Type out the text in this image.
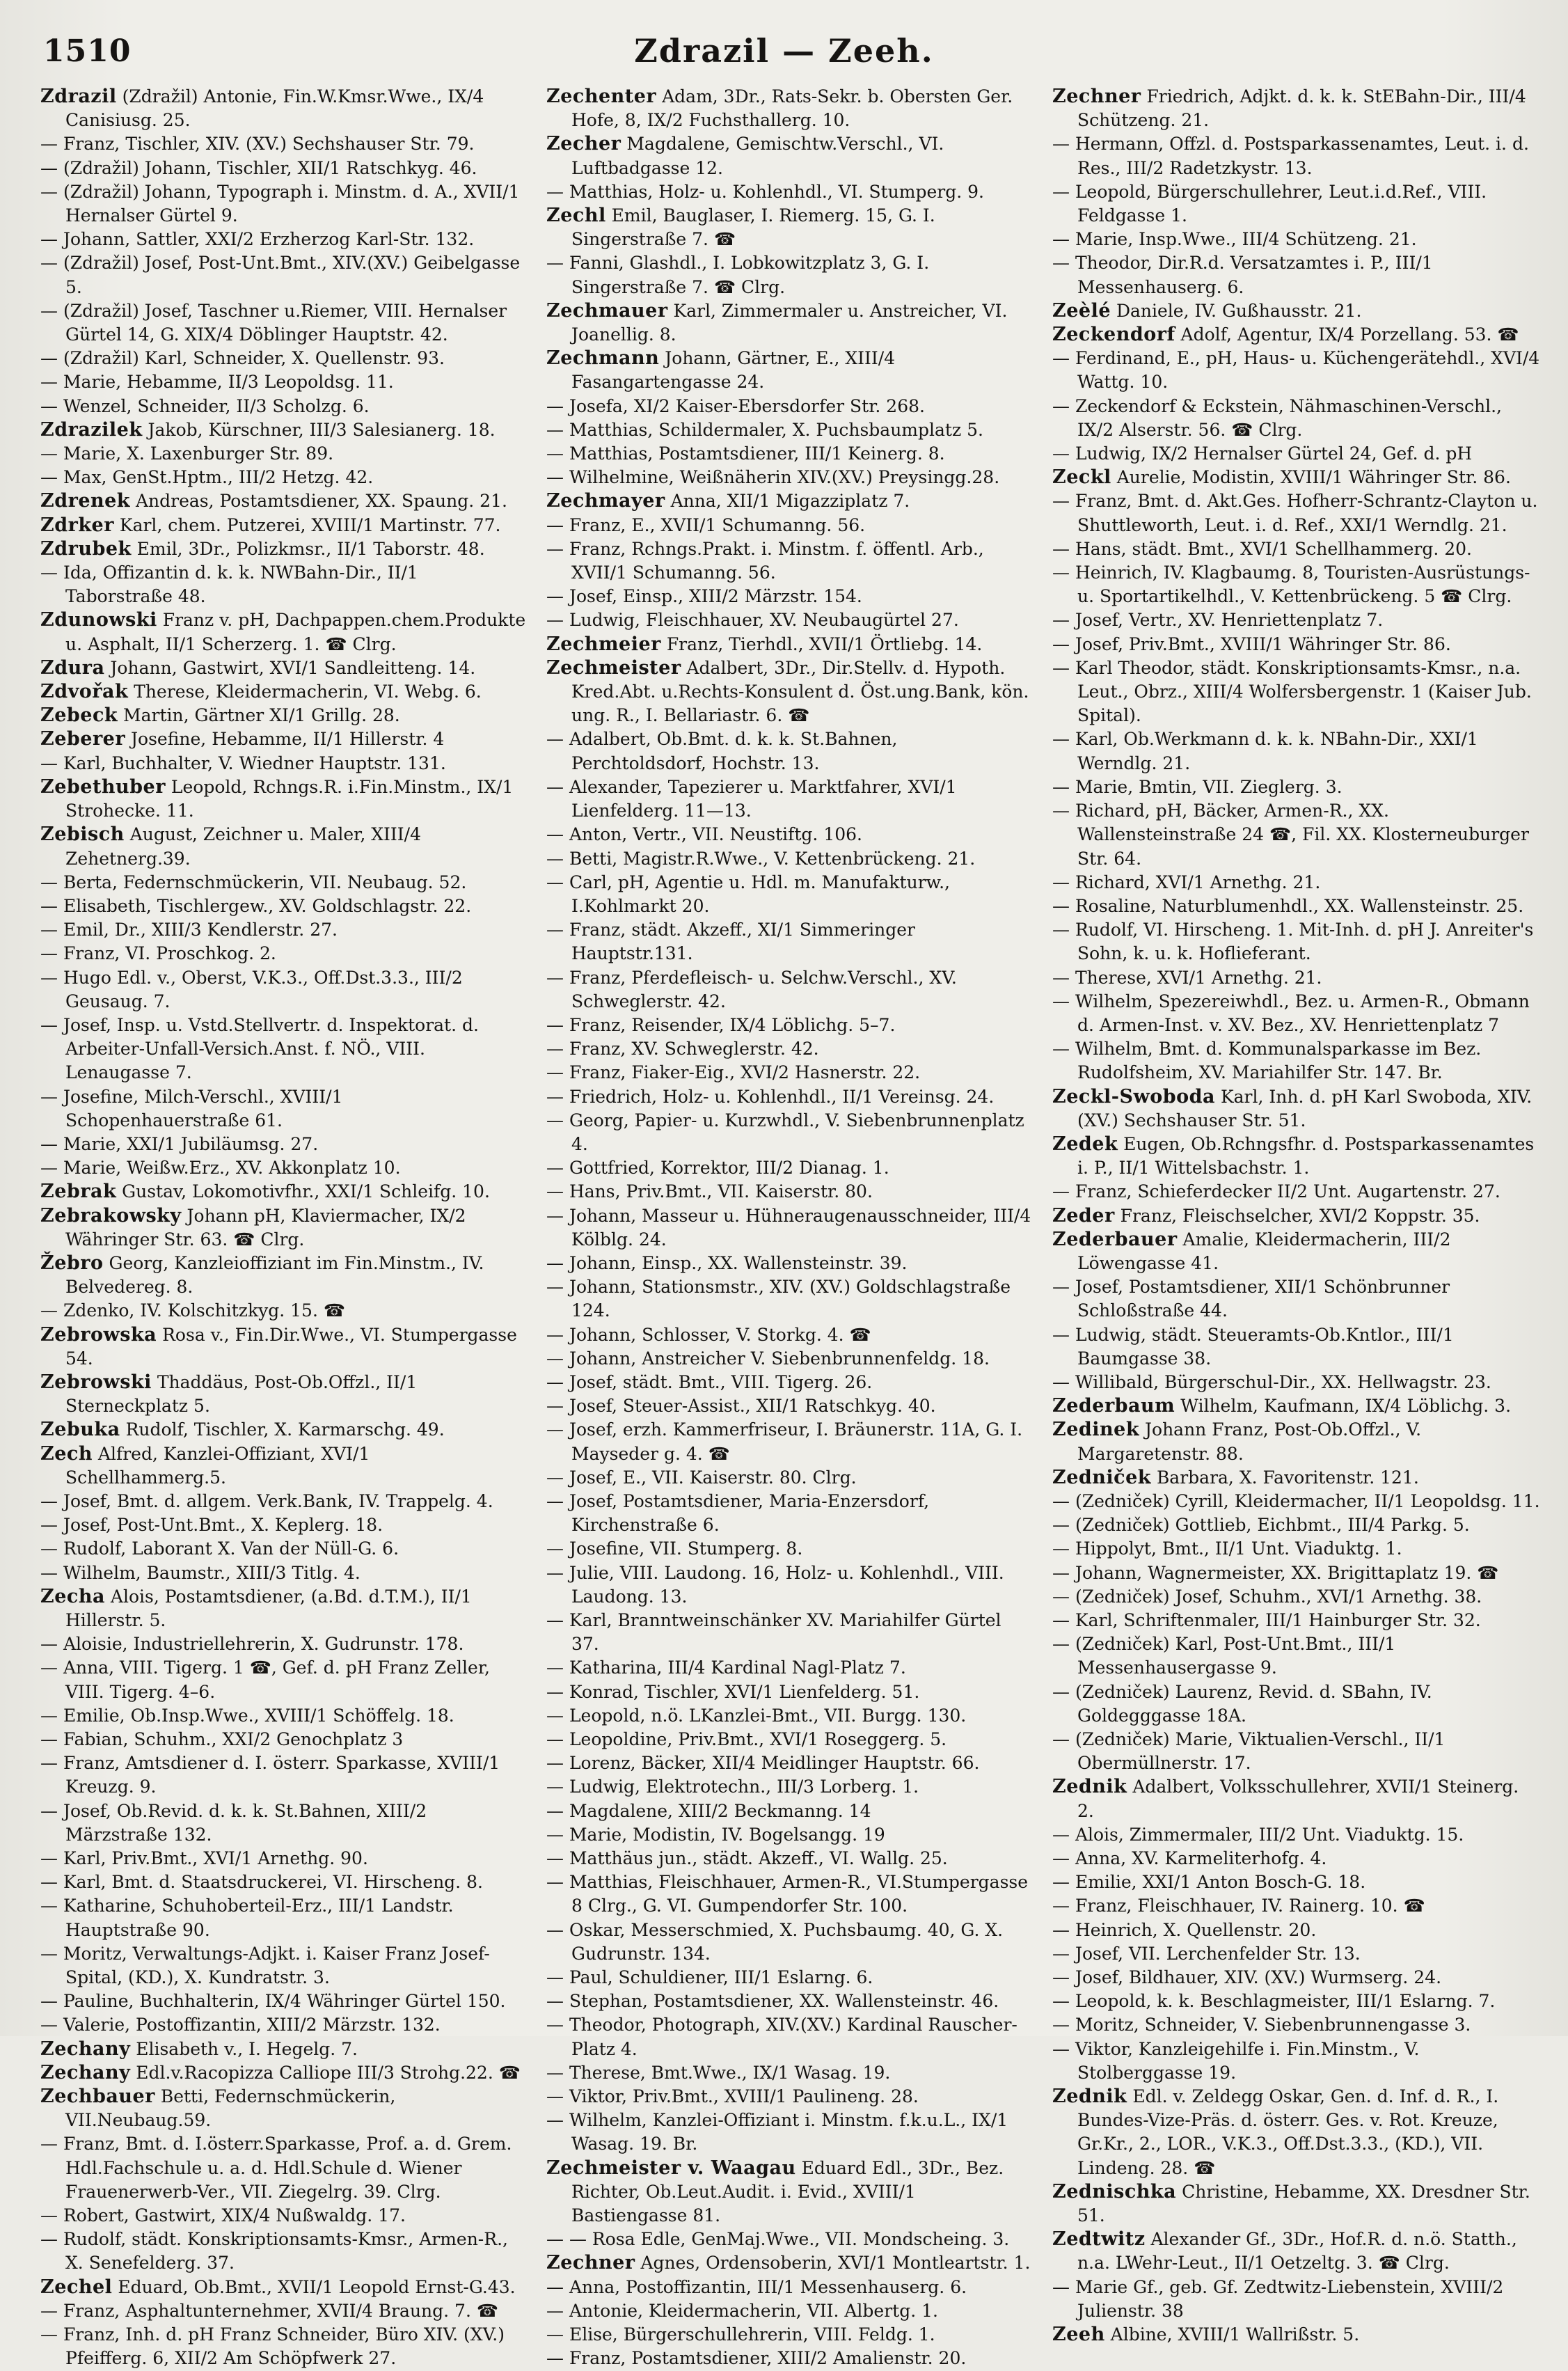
1510	Zdrazil — Zeeh.

Zdrazil (Zdražil) Antonie, Fin.W.Kmsr.Wwe., IX/4 Canisiusg. 25.

— Franz, Tischler, XIV. (XV.) Sechshauser Str. 79.

— (Zdražil) Johann, Tischler, XII/1 Ratschkyg. 46.

— (Zdražil) Johann, Typograph i. Minstm. d. A., XVII/1 Hernalser Gürtel 9.

— Johann, Sattler, XXI/2 Erzherzog Karl-Str. 132.

— (Zdražil) Josef, Post-Unt.Bmt., XIV.(XV.) Geibelgasse 5.

— (Zdražil) Josef, Taschner u.Riemer, VIII. Hernalser Gürtel 14, G. XIX/4 Döblinger Hauptstr. 42.

— (Zdražil) Karl, Schneider, X. Quellenstr. 93.

— Marie, Hebamme, II/3 Leopoldsg. 11.

— Wenzel, Schneider, II/3 Scholzg. 6.

Zdrazilek Jakob, Kürschner, III/3 Salesianerg. 18.

— Marie, X. Laxenburger Str. 89.

— Max, GenSt.Hptm., III/2 Hetzg. 42.

Zdrenek Andreas, Postamtsdiener, XX. Spaung. 21.

Zdrker Karl, chem. Putzerei, XVIII/1 Martinstr. 77.

Zdrubek Emil, 3Dr., Polizkmsr., II/1 Taborstr. 48.

— Ida, Offizantin d. k. k. NWBahn-Dir., II/1 Taborstraße 48.

Zdunowski Franz v. pH, Dachpappen.chem.Produkte u. Asphalt, II/1 Scherzerg. 1. ☎ Clrg.

Zdura Johann, Gastwirt, XVI/1 Sandleitteng. 14.

Zdvořak Therese, Kleidermacherin, VI. Webg. 6.

Zebeck Martin, Gärtner XI/1 Grillg. 28.

Zeberer Josefine, Hebamme, II/1 Hillerstr. 4

— Karl, Buchhalter, V. Wiedner Hauptstr. 131.

Zebethuber Leopold, Rchngs.R. i.Fin.Minstm., IX/1 Strohecke. 11.

Zebisch August, Zeichner u. Maler, XIII/4 Zehetnerg.39.

— Berta, Federnschmückerin, VII. Neubaug. 52.

— Elisabeth, Tischlergew., XV. Goldschlagstr. 22.

— Emil, Dr., XIII/3 Kendlerstr. 27.

— Franz, VI. Proschkog. 2.

— Hugo Edl. v., Oberst, V.K.3., Off.Dst.3.3., III/2 Geusaug. 7.

— Josef, Insp. u. Vstd.Stellvertr. d. Inspektorat. d. Arbeiter-Unfall-Versich.Anst. f. NÖ., VIII. Lenaugasse 7.

— Josefine, Milch-Verschl., XVIII/1 Schopenhauerstraße 61.

— Marie, XXI/1 Jubiläumsg. 27.

— Marie, Weißw.Erz., XV. Akkonplatz 10.

Zebrak Gustav, Lokomotivfhr., XXI/1 Schleifg. 10.

Zebrakowsky Johann pH, Klaviermacher, IX/2 Währinger Str. 63. ☎ Clrg.

Žebro Georg, Kanzleioffiziant im Fin.Minstm., IV. Belvedereg. 8.

— Zdenko, IV. Kolschitzkyg. 15. ☎

Zebrowska Rosa v., Fin.Dir.Wwe., VI. Stumpergasse 54.

Zebrowski Thaddäus, Post-Ob.Offzl., II/1 Sterneckplatz 5.

Zebuka Rudolf, Tischler, X. Karmarschg. 49.

Zech Alfred, Kanzlei-Offiziant, XVI/1 Schellhammerg.5.

— Josef, Bmt. d. allgem. Verk.Bank, IV. Trappelg. 4.

— Josef, Post-Unt.Bmt., X. Keplerg. 18.

— Rudolf, Laborant X. Van der Nüll-G. 6.

— Wilhelm, Baumstr., XIII/3 Titlg. 4.

Zecha Alois, Postamtsdiener, (a.Bd. d.T.M.), II/1 Hillerstr. 5.

— Aloisie, Industriellehrerin, X. Gudrunstr. 178.

— Anna, VIII. Tigerg. 1 ☎, Gef. d. pH Franz Zeller, VIII. Tigerg. 4–6.

— Emilie, Ob.Insp.Wwe., XVIII/1 Schöffelg. 18.

— Fabian, Schuhm., XXI/2 Genochplatz 3

— Franz, Amtsdiener d. I. österr. Sparkasse, XVIII/1 Kreuzg. 9.

— Josef, Ob.Revid. d. k. k. St.Bahnen, XIII/2 Märzstraße 132.

— Karl, Priv.Bmt., XVI/1 Arnethg. 90.

— Karl, Bmt. d. Staatsdruckerei, VI. Hirscheng. 8.

— Katharine, Schuhoberteil-Erz., III/1 Landstr. Hauptstraße 90.

— Moritz, Verwaltungs-Adjkt. i. Kaiser Franz Josef-Spital, (KD.), X. Kundratstr. 3.

— Pauline, Buchhalterin, IX/4 Währinger Gürtel 150.

— Valerie, Postoffizantin, XIII/2 Märzstr. 132.

Zechany Elisabeth v., I. Hegelg. 7.

Zechany Edl.v.Racopizza Calliope III/3 Strohg.22. ☎

Zechbauer Betti, Federnschmückerin, VII.Neubaug.59.

— Franz, Bmt. d. I.österr.Sparkasse, Prof. a. d. Grem. Hdl.Fachschule u. a. d. Hdl.Schule d. Wiener Frauenerwerb-Ver., VII. Ziegelrg. 39. Clrg.

— Robert, Gastwirt, XIX/4 Nußwaldg. 17.

— Rudolf, städt. Konskriptionsamts-Kmsr., Armen-R., X. Senefelderg. 37.

Zechel Eduard, Ob.Bmt., XVII/1 Leopold Ernst-G.43.

— Franz, Asphaltunternehmer, XVII/4 Braung. 7. ☎

— Franz, Inh. d. pH Franz Schneider, Büro XIV. (XV.) Pfeifferg. 6, XII/2 Am Schöpfwerk 27.

Zechenter Adam, 3Dr., Rats-Sekr. b. Obersten Ger. Hofe, 8, IX/2 Fuchsthallerg. 10.

Zecher Magdalene, Gemischtw.Verschl., VI. Luftbadgasse 12.

— Matthias, Holz- u. Kohlenhdl., VI. Stumperg. 9.

Zechl Emil, Bauglaser, I. Riemerg. 15, G. I. Singerstraße 7. ☎

— Fanni, Glashdl., I. Lobkowitzplatz 3, G. I. Singerstraße 7. ☎ Clrg.

Zechmauer Karl, Zimmermaler u. Anstreicher, VI. Joanellig. 8.

Zechmann Johann, Gärtner, E., XIII/4 Fasangartengasse 24.

— Josefa, XI/2 Kaiser-Ebersdorfer Str. 268.

— Matthias, Schildermaler, X. Puchsbaumplatz 5.

— Matthias, Postamtsdiener, III/1 Keinerg. 8.

— Wilhelmine, Weißnäherin XIV.(XV.) Preysingg.28.

Zechmayer Anna, XII/1 Migazziplatz 7.

— Franz, E., XVII/1 Schumanng. 56.

— Franz, Rchngs.Prakt. i. Minstm. f. öffentl. Arb., XVII/1 Schumanng. 56.

— Josef, Einsp., XIII/2 Märzstr. 154.

— Ludwig, Fleischhauer, XV. Neubaugürtel 27.

Zechmeier Franz, Tierhdl., XVII/1 Örtliebg. 14.

Zechmeister Adalbert, 3Dr., Dir.Stellv. d. Hypoth. Kred.Abt. u.Rechts-Konsulent d. Öst.ung.Bank, kön. ung. R., I. Bellariastr. 6. ☎

— Adalbert, Ob.Bmt. d. k. k. St.Bahnen, Perchtoldsdorf, Hochstr. 13.

— Alexander, Tapezierer u. Marktfahrer, XVI/1 Lienfelderg. 11—13.

— Anton, Vertr., VII. Neustiftg. 106.

— Betti, Magistr.R.Wwe., V. Kettenbrückeng. 21.

— Carl, pH, Agentie u. Hdl. m. Manufakturw., I.Kohlmarkt 20.

— Franz, städt. Akzeff., XI/1 Simmeringer Hauptstr.131.

— Franz, Pferdefleisch- u. Selchw.Verschl., XV. Schweglerstr. 42.

— Franz, Reisender, IX/4 Löblichg. 5–7.

— Franz, XV. Schweglerstr. 42.

— Franz, Fiaker-Eig., XVI/2 Hasnerstr. 22.

— Friedrich, Holz- u. Kohlenhdl., II/1 Vereinsg. 24.

— Georg, Papier- u. Kurzwhdl., V. Siebenbrunnenplatz 4.

— Gottfried, Korrektor, III/2 Dianag. 1.

— Hans, Priv.Bmt., VII. Kaiserstr. 80.

— Johann, Masseur u. Hühneraugenausschneider, III/4 Kölblg. 24.

— Johann, Einsp., XX. Wallensteinstr. 39.

— Johann, Stationsmstr., XIV. (XV.) Goldschlagstraße 124.

— Johann, Schlosser, V. Storkg. 4. ☎

— Johann, Anstreicher V. Siebenbrunnenfeldg. 18.

— Josef, städt. Bmt., VIII. Tigerg. 26.

— Josef, Steuer-Assist., XII/1 Ratschkyg. 40.

— Josef, erzh. Kammerfriseur, I. Bräunerstr. 11A, G. I. Mayseder g. 4. ☎

— Josef, E., VII. Kaiserstr. 80. Clrg.

— Josef, Postamtsdiener, Maria-Enzersdorf, Kirchenstraße 6.

— Josefine, VII. Stumperg. 8.

— Julie, VIII. Laudong. 16, Holz- u. Kohlenhdl., VIII. Laudong. 13.

— Karl, Branntweinschänker XV. Mariahilfer Gürtel 37.

— Katharina, III/4 Kardinal Nagl-Platz 7.

— Konrad, Tischler, XVI/1 Lienfelderg. 51.

— Leopold, n.ö. LKanzlei-Bmt., VII. Burgg. 130.

— Leopoldine, Priv.Bmt., XVI/1 Roseggerg. 5.

— Lorenz, Bäcker, XII/4 Meidlinger Hauptstr. 66.

— Ludwig, Elektrotechn., III/3 Lorberg. 1.

— Magdalene, XIII/2 Beckmanng. 14

— Marie, Modistin, IV. Bogelsangg. 19

— Matthäus jun., städt. Akzeff., VI. Wallg. 25.

— Matthias, Fleischhauer, Armen-R., VI.Stumpergasse 8 Clrg., G. VI. Gumpendorfer Str. 100.

— Oskar, Messerschmied, X. Puchsbaumg. 40, G. X. Gudrunstr. 134.

— Paul, Schuldiener, III/1 Eslarng. 6.

— Stephan, Postamtsdiener, XX. Wallensteinstr. 46.

— Theodor, Photograph, XIV.(XV.) Kardinal Rauscher-Platz 4.

— Therese, Bmt.Wwe., IX/1 Wasag. 19.

— Viktor, Priv.Bmt., XVIII/1 Paulineng. 28.

— Wilhelm, Kanzlei-Offiziant i. Minstm. f.k.u.L., IX/1 Wasag. 19. Br.

Zechmeister v. Waagau Eduard Edl., 3Dr., Bez. Richter, Ob.Leut.Audit. i. Evid., XVIII/1 Bastiengasse 81.

— — Rosa Edle, GenMaj.Wwe., VII. Mondscheing. 3.

Zechner Agnes, Ordensoberin, XVI/1 Montleartstr. 1.

— Anna, Postoffizantin, III/1 Messenhauserg. 6.

— Antonie, Kleidermacherin, VII. Albertg. 1.

— Elise, Bürgerschullehrerin, VIII. Feldg. 1.

— Franz, Postamtsdiener, XIII/2 Amalienstr. 20.

Zechner Friedrich, Adjkt. d. k. k. StEBahn-Dir., III/4 Schützeng. 21.

— Hermann, Offzl. d. Postsparkassenamtes, Leut. i. d. Res., III/2 Radetzkystr. 13.

— Leopold, Bürgerschullehrer, Leut.i.d.Ref., VIII. Feldgasse 1.

— Marie, Insp.Wwe., III/4 Schützeng. 21.

— Theodor, Dir.R.d. Versatzamtes i. P., III/1 Messenhauserg. 6.

Zeèlé Daniele, IV. Gußhausstr. 21.

Zeckendorf Adolf, Agentur, IX/4 Porzellang. 53. ☎

— Ferdinand, E., pH, Haus- u. Küchengerätehdl., XVI/4 Wattg. 10.

— Zeckendorf & Eckstein, Nähmaschinen-Verschl., IX/2 Alserstr. 56. ☎ Clrg.

— Ludwig, IX/2 Hernalser Gürtel 24, Gef. d. pH

Zeckl Aurelie, Modistin, XVIII/1 Währinger Str. 86.

— Franz, Bmt. d. Akt.Ges. Hofherr-Schrantz-Clayton u. Shuttleworth, Leut. i. d. Ref., XXI/1 Werndlg. 21.

— Hans, städt. Bmt., XVI/1 Schellhammerg. 20.

— Heinrich, IV. Klagbaumg. 8, Touristen-Ausrüstungs- u. Sportartikelhdl., V. Kettenbrückeng. 5 ☎ Clrg.

— Josef, Vertr., XV. Henriettenplatz 7.

— Josef, Priv.Bmt., XVIII/1 Währinger Str. 86.

— Karl Theodor, städt. Konskriptionsamts-Kmsr., n.a. Leut., Obrz., XIII/4 Wolfersbergenstr. 1 (Kaiser Jub. Spital).

— Karl, Ob.Werkmann d. k. k. NBahn-Dir., XXI/1 Werndlg. 21.

— Marie, Bmtin, VII. Zieglerg. 3.

— Richard, pH, Bäcker, Armen-R., XX. Wallensteinstraße 24 ☎, Fil. XX. Klosterneuburger Str. 64.

— Richard, XVI/1 Arnethg. 21.

— Rosaline, Naturblumenhdl., XX. Wallensteinstr. 25.

— Rudolf, VI. Hirscheng. 1. Mit-Inh. d. pH J. Anreiter's Sohn, k. u. k. Hoflieferant.

— Therese, XVI/1 Arnethg. 21.

— Wilhelm, Spezereiwhdl., Bez. u. Armen-R., Obmann d. Armen-Inst. v. XV. Bez., XV. Henriettenplatz 7

— Wilhelm, Bmt. d. Kommunalsparkasse im Bez. Rudolfsheim, XV. Mariahilfer Str. 147. Br.

Zeckl-Swoboda Karl, Inh. d. pH Karl Swoboda, XIV. (XV.) Sechshauser Str. 51.

Zedek Eugen, Ob.Rchngsfhr. d. Postsparkassenamtes i. P., II/1 Wittelsbachstr. 1.

— Franz, Schieferdecker II/2 Unt. Augartenstr. 27.

Zeder Franz, Fleischselcher, XVI/2 Koppstr. 35.

Zederbauer Amalie, Kleidermacherin, III/2 Löwengasse 41.

— Josef, Postamtsdiener, XII/1 Schönbrunner Schloßstraße 44.

— Ludwig, städt. Steueramts-Ob.Kntlor., III/1 Baumgasse 38.

— Willibald, Bürgerschul-Dir., XX. Hellwagstr. 23.

Zederbaum Wilhelm, Kaufmann, IX/4 Löblichg. 3.

Zedinek Johann Franz, Post-Ob.Offzl., V. Margaretenstr. 88.

Zedniček Barbara, X. Favoritenstr. 121.

— (Zedniček) Cyrill, Kleidermacher, II/1 Leopoldsg. 11.

— (Zedniček) Gottlieb, Eichbmt., III/4 Parkg. 5.

— Hippolyt, Bmt., II/1 Unt. Viaduktg. 1.

— Johann, Wagnermeister, XX. Brigittaplatz 19. ☎

— (Zedniček) Josef, Schuhm., XVI/1 Arnethg. 38.

— Karl, Schriftenmaler, III/1 Hainburger Str. 32.

— (Zedniček) Karl, Post-Unt.Bmt., III/1 Messenhausergasse 9.

— (Zedniček) Laurenz, Revid. d. SBahn, IV. Goldegggasse 18A.

— (Zedniček) Marie, Viktualien-Verschl., II/1 Obermüllnerstr. 17.

Zednik Adalbert, Volksschullehrer, XVII/1 Steinerg. 2.

— Alois, Zimmermaler, III/2 Unt. Viaduktg. 15.

— Anna, XV. Karmeliterhofg. 4.

— Emilie, XXI/1 Anton Bosch-G. 18.

— Franz, Fleischhauer, IV. Rainerg. 10. ☎

— Heinrich, X. Quellenstr. 20.

— Josef, VII. Lerchenfelder Str. 13.

— Josef, Bildhauer, XIV. (XV.) Wurmserg. 24.

— Leopold, k. k. Beschlagmeister, III/1 Eslarng. 7.

— Moritz, Schneider, V. Siebenbrunnengasse 3.

— Viktor, Kanzleigehilfe i. Fin.Minstm., V. Stolberggasse 19.

Zednik Edl. v. Zeldegg Oskar, Gen. d. Inf. d. R., I. Bundes-Vize-Präs. d. österr. Ges. v. Rot. Kreuze, Gr.Kr., 2., LOR., V.K.3., Off.Dst.3.3., (KD.), VII. Lindeng. 28. ☎

Zednischka Christine, Hebamme, XX. Dresdner Str. 51.

Zedtwitz Alexander Gf., 3Dr., Hof.R. d. n.ö. Statth., n.a. LWehr-Leut., II/1 Oetzeltg. 3. ☎ Clrg.

— Marie Gf., geb. Gf. Zedtwitz-Liebenstein, XVIII/2 Julienstr. 38

Zeeh Albine, XVIII/1 Wallrißstr. 5.
